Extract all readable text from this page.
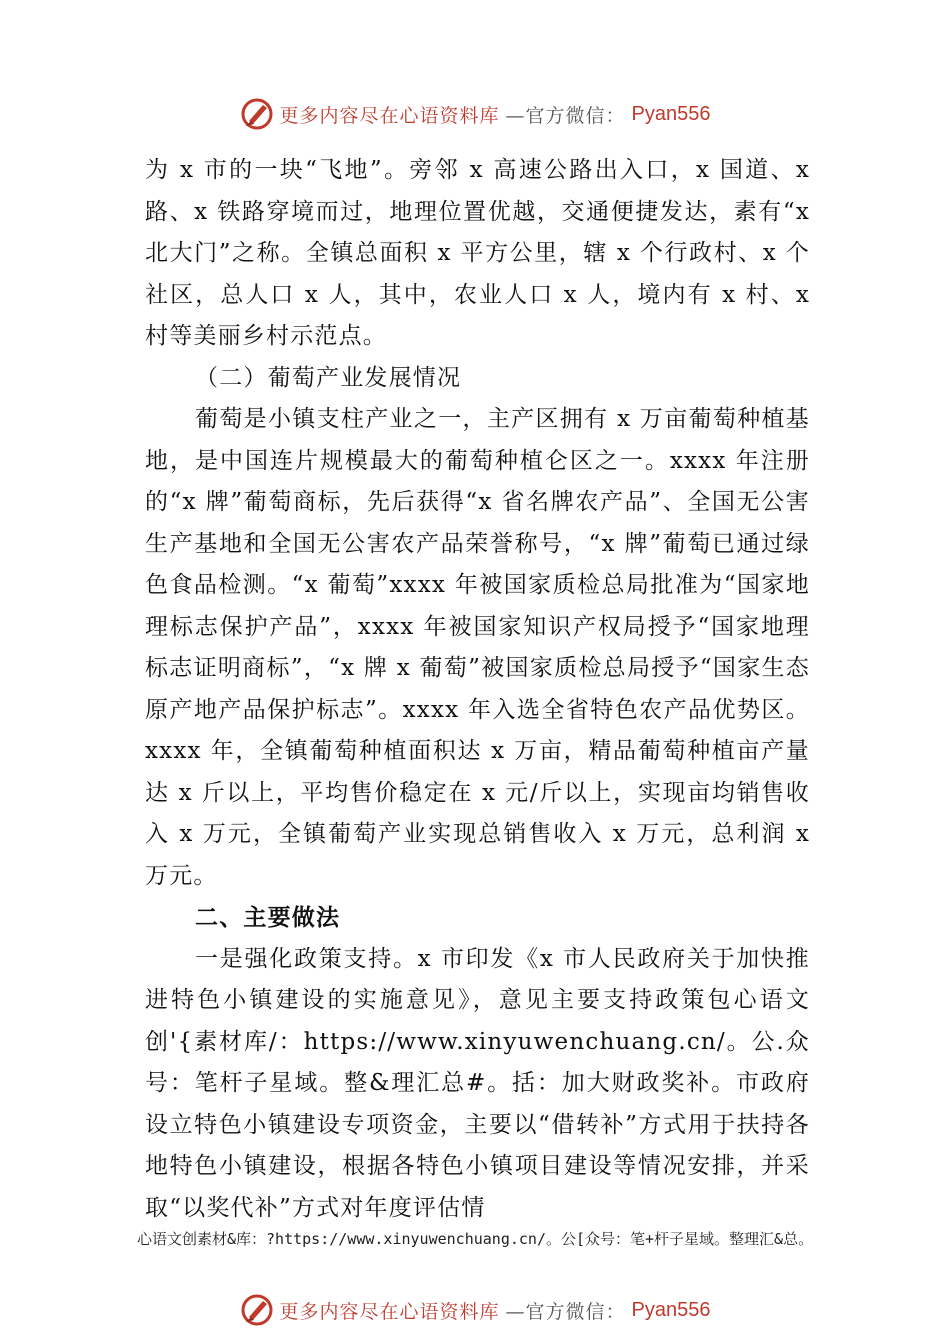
更多内容尽在心语资料库 —官方微信： Pyan556

为 x 市的一块“飞地”。旁邻 x 高速公路出入口，x 国道、x 路、x 铁路穿境而过，地理位置优越，交通便捷发达，素有“x 北大门”之称。全镇总面积 x 平方公里，辖 x 个行政村、x 个社区，总人口 x 人，其中，农业人口 x 人，境内有 x 村、x 村等美丽乡村示范点。

（二）葡萄产业发展情况

葡萄是小镇支柱产业之一，主产区拥有 x 万亩葡萄种植基地，是中国连片规模最大的葡萄种植仑区之一。xxxx 年注册的“x 牌”葡萄商标，先后获得“x 省名牌农产品”、全国无公害生产基地和全国无公害农产品荣誉称号，“x 牌”葡萄已通过绿色食品检测。“x 葡萄”xxxx 年被国家质检总局批准为“国家地理标志保护产品”，xxxx 年被国家知识产权局授予“国家地理标志证明商标”，“x 牌 x 葡萄”被国家质检总局授予“国家生态原产地产品保护标志”。xxxx 年入选全省特色农产品优势区。xxxx 年，全镇葡萄种植面积达 x 万亩，精品葡萄种植亩产量达 x 斤以上，平均售价稳定在 x 元/斤以上，实现亩均销售收入 x 万元，全镇葡萄产业实现总销售收入 x 万元，总利润 x 万元。

二、主要做法

一是强化政策支持。x 市印发《x 市人民政府关于加快推进特色小镇建设的实施意见》，意见主要支持政策包心语文创'{素材库/：https://www.xinyuwenchuang.cn/。公.众号：笔杆子星域。整&理汇总#。括：加大财政奖补。市政府设立特色小镇建设专项资金，主要以“借转补”方式用于扶持各地特色小镇建设，根据各特色小镇项目建设等情况安排，并采取“以奖代补”方式对年度评估情

心语文创素材&库：?https://www.xinyuwenchuang.cn/。公[众号：笔+杆子星域。整理汇&总。
更多内容尽在心语资料库 —官方微信： Pyan556
